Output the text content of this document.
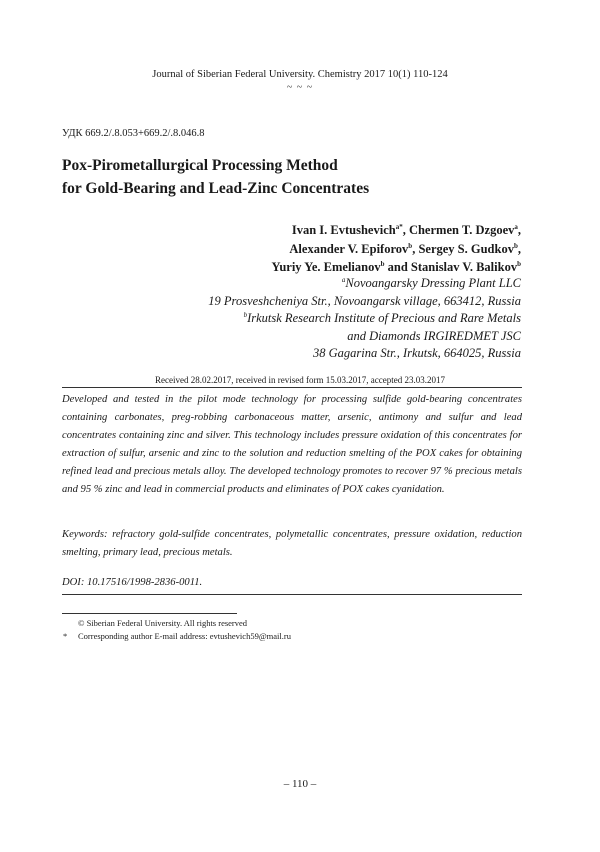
Journal of Siberian Federal University. Chemistry 2017 10(1) 110-124
~ ~ ~
УДК 669.2/.8.053+669.2/.8.046.8
Pox-Pirometallurgical Processing Method
for Gold-Bearing and Lead-Zinc Concentrates
Ivan I. Evtushevich$^{a*}$, Chermen T. Dzgoev$^a$,
Alexander V. Epiforov$^b$, Sergey S. Gudkov$^b$,
Yuriy Ye. Emelianov$^b$ and Stanislav V. Balikov$^b$
$^a$Novoangarsky Dressing Plant LLC
19 Prosveshcheniya Str., Novoangarsk village, 663412, Russia
$^b$Irkutsk Research Institute of Precious and Rare Metals
and Diamonds IRGIREDMET JSC
38 Gagarina Str., Irkutsk, 664025, Russia
Received 28.02.2017, received in revised form 15.03.2017, accepted 23.03.2017

Developed and tested in the pilot mode technology for processing sulfide gold-bearing concentrates containing carbonates, preg-robbing carbonaceous matter, arsenic, antimony and sulfur and lead concentrates containing zinc and silver. This technology includes pressure oxidation of this concentrates for extraction of sulfur, arsenic and zinc to the solution and reduction smelting of the POX cakes for obtaining refined lead and precious metals alloy. The developed technology promotes to recover 97 % precious metals and 95 % zinc and lead in commercial products and eliminates of POX cakes cyanidation.

Keywords: refractory gold-sulfide concentrates, polymetallic concentrates, pressure oxidation, reduction smelting, primary lead, precious metals.

DOI: 10.17516/1998-2836-0011.
© Siberian Federal University. All rights reserved
* Corresponding author E-mail address: evtushevich59@mail.ru
– 110 –
